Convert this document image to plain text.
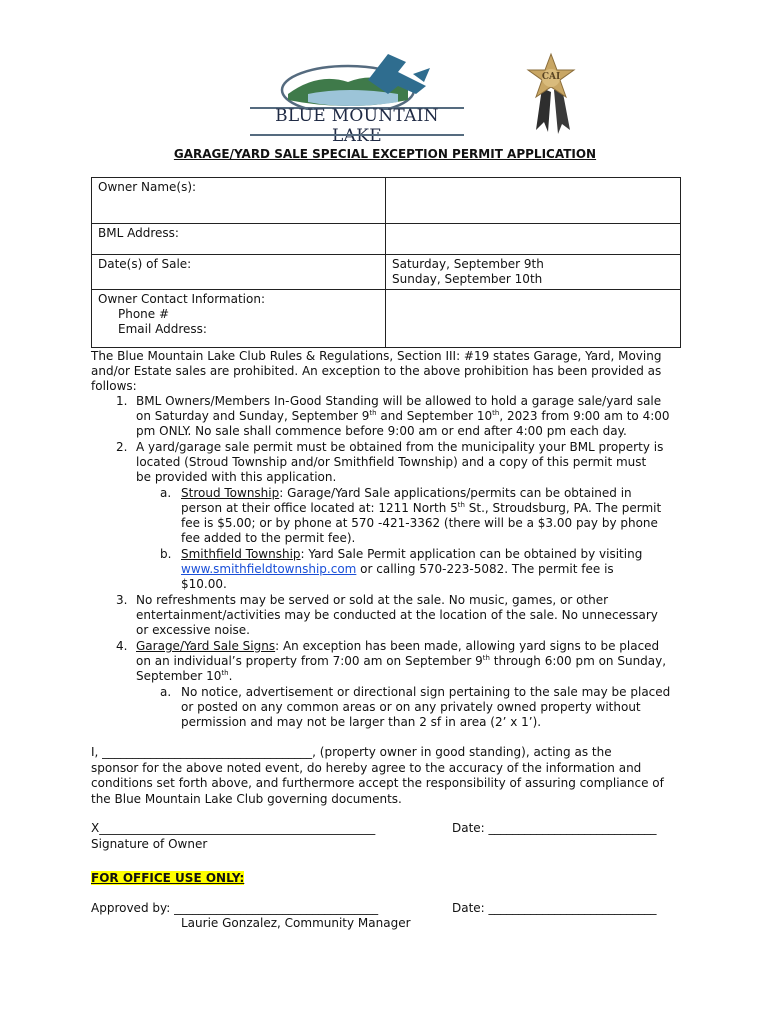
BLUE MOUNTAIN LAKE
CAI
GARAGE/YARD SALE SPECIAL EXCEPTION PERMIT APPLICATION
Owner Name(s):	
BML Address:	
Date(s) of Sale:	Saturday, September 9th
Sunday, September 10th

Owner Contact Information:
Phone #
Email Address:	

The Blue Mountain Lake Club Rules & Regulations, Section III: #19 states Garage, Yard, Moving
and/or Estate sales are prohibited. An exception to the above prohibition has been provided as
follows:
1. BML Owners/Members In-Good Standing will be allowed to hold a garage sale/yard sale
on Saturday and Sunday, September 9th and September 10th, 2023 from 9:00 am to 4:00
pm ONLY. No sale shall commence before 9:00 am or end after 4:00 pm each day.
2. A yard/garage sale permit must be obtained from the municipality your BML property is
located (Stroud Township and/or Smithfield Township) and a copy of this permit must
be provided with this application.
a. Stroud Township: Garage/Yard Sale applications/permits can be obtained in
person at their office located at: 1211 North 5th St., Stroudsburg, PA. The permit
fee is $5.00; or by phone at 570 -421-3362 (there will be a $3.00 pay by phone
fee added to the permit fee).
b. Smithfield Township: Yard Sale Permit application can be obtained by visiting
www.smithfieldtownship.com or calling 570-223-5082. The permit fee is
$10.00.
3. No refreshments may be served or sold at the sale. No music, games, or other
entertainment/activities may be conducted at the location of the sale. No unnecessary
or excessive noise.
4. Garage/Yard Sale Signs: An exception has been made, allowing yard signs to be placed
on an individual’s property from 7:00 am on September 9th through 6:00 pm on Sunday,
September 10th.
a. No notice, advertisement or directional sign pertaining to the sale may be placed
or posted on any common areas or on any privately owned property without
permission and may not be larger than 2 sf in area (2’ x 1’).
I, ___________________________________, (property owner in good standing), acting as the
sponsor for the above noted event, do hereby agree to the accuracy of the information and
conditions set forth above, and furthermore accept the responsibility of assuring compliance of
the Blue Mountain Lake Club governing documents.
X______________________________________________
Signature of Owner
Date: ____________________________
FOR OFFICE USE ONLY:
Approved by: __________________________________
Laurie Gonzalez, Community Manager
Date: ____________________________
